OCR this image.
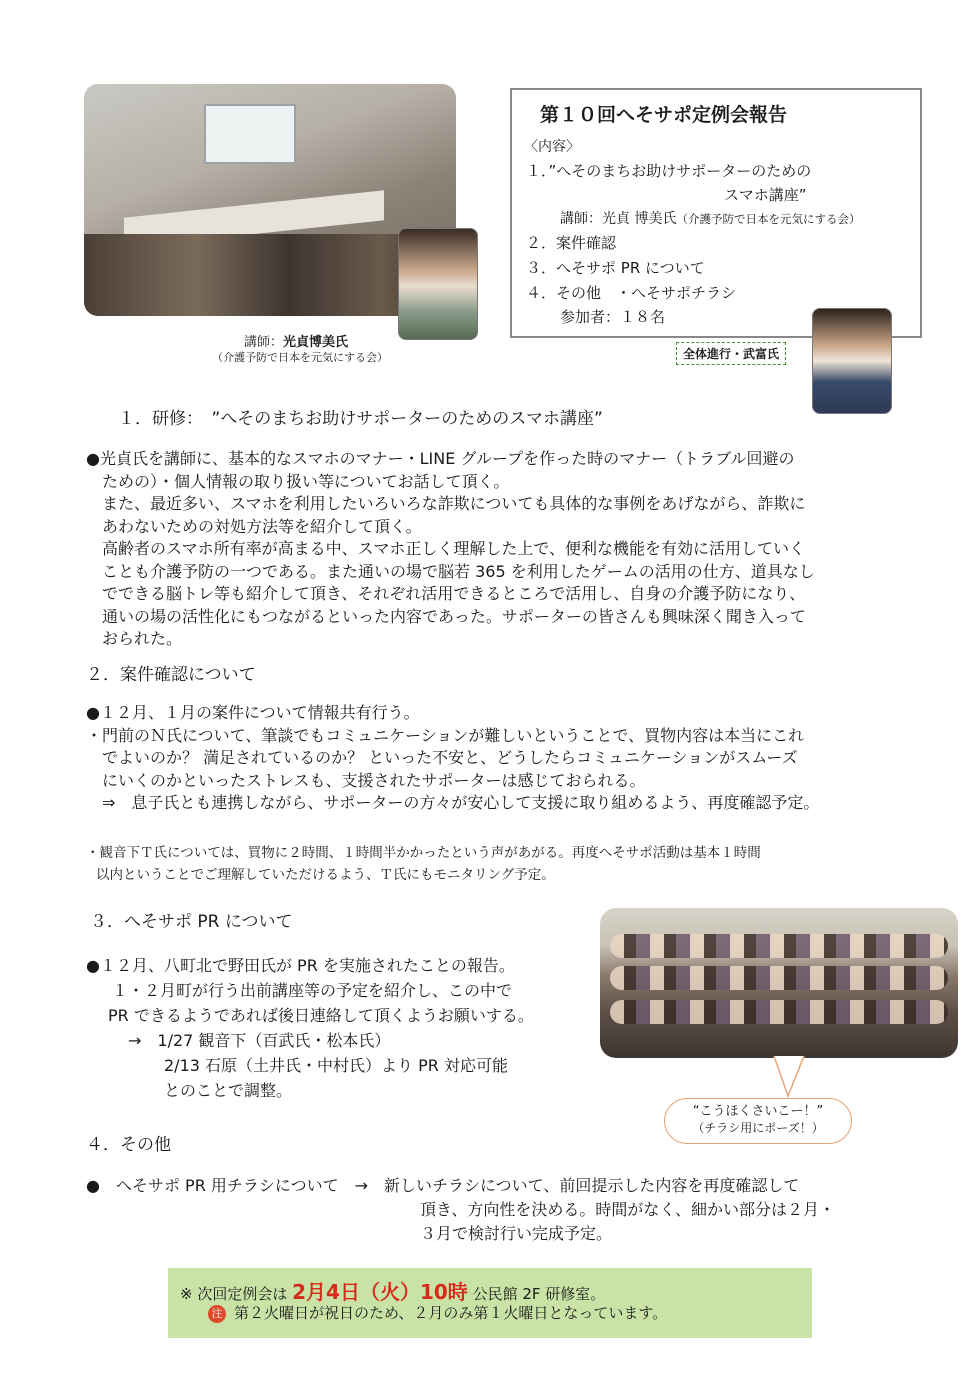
講師：光貞博美氏
（介護予防で日本を元気にする会）
第１０回へそサポ定例会報告
〈内容〉
１．”へそのまちお助けサポーターのための
スマホ講座”
講師：光貞 博美氏（介護予防で日本を元気にする会）
２．案件確認
３．へそサポ PR について
４．その他　・へそサポチラシ
参加者：１８名
全体進行・武富氏
１．研修：　”へそのまちお助けサポーターのためのスマホ講座”
●光貞氏を講師に、基本的なスマホのマナー・LINE グループを作った時のマナー（トラブル回避の
ための）・個人情報の取り扱い等についてお話して頂く。
また、最近多い、スマホを利用したいろいろな詐欺についても具体的な事例をあげながら、詐欺に
あわないための対処方法等を紹介して頂く。
高齢者のスマホ所有率が高まる中、スマホ正しく理解した上で、便利な機能を有効に活用していく
ことも介護予防の一つである。また通いの場で脳若 365 を利用したゲームの活用の仕方、道具なし
でできる脳トレ等も紹介して頂き、それぞれ活用できるところで活用し、自身の介護予防になり、
通いの場の活性化にもつながるといった内容であった。サポーターの皆さんも興味深く聞き入って
おられた。
２．案件確認について
●１２月、１月の案件について情報共有行う。
・門前のＮ氏について、筆談でもコミュニケーションが難しいということで、買物内容は本当にこれ
でよいのか？ 満足されているのか？ といった不安と、どうしたらコミュニケーションがスムーズ
にいくのかといったストレスも、支援されたサポーターは感じておられる。
⇒　息子氏とも連携しながら、サポーターの方々が安心して支援に取り組めるよう、再度確認予定。
・観音下Ｔ氏については、買物に２時間、１時間半かかったという声があがる。再度へそサポ活動は基本１時間
以内ということでご理解していただけるよう、Ｔ氏にもモニタリング予定。
３．へそサポ PR について
●１２月、八町北で野田氏が PR を実施されたことの報告。
１・２月町が行う出前講座等の予定を紹介し、この中で
PR できるようであれば後日連絡して頂くようお願いする。
→　1/27 観音下（百武氏・松本氏）
2/13 石原（土井氏・中村氏）より PR 対応可能
とのことで調整。
“こうほくさいこー！”
（チラシ用にポーズ！）
４．その他
●　へそサポ PR 用チラシについて　→　新しいチラシについて、前回提示した内容を再度確認して
頂き、方向性を決める。時間がなく、細かい部分は２月・
３月で検討行い完成予定。
※ 次回定例会は 2月4日（火）10時 公民館 2F 研修室。
注 第２火曜日が祝日のため、２月のみ第１火曜日となっています。
